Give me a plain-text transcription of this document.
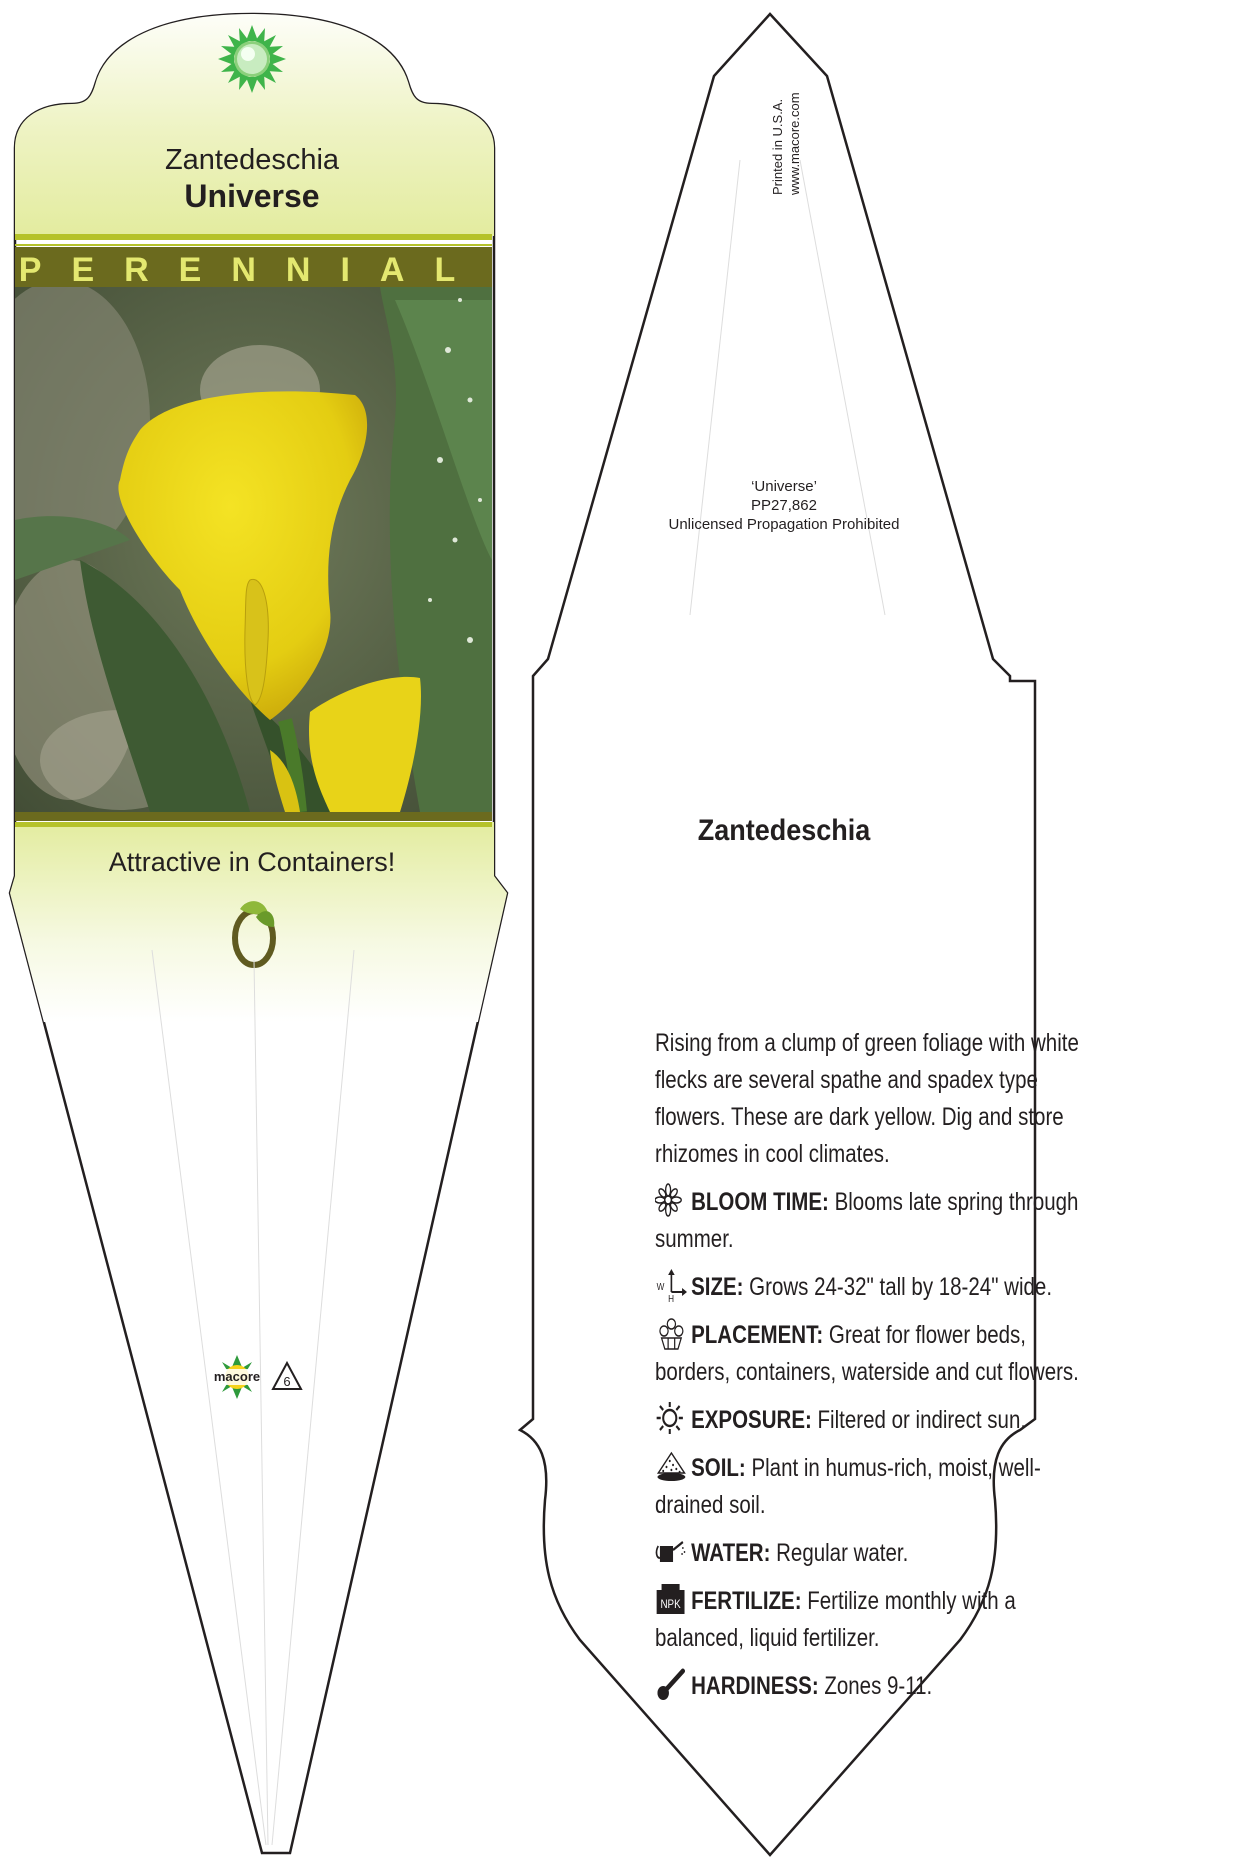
macore 6
Zantedeschia
Universe
PERENNIAL
Attractive in Containers!
Printed in U.S.A. www.macore.com
‘Universe’
PP27,862
Unlicensed Propagation Prohibited
Zantedeschia

Rising from a clump of green foliage with white flecks are several spathe and spadex type flowers. These are dark yellow. Dig and store rhizomes in cool climates.

BLOOM TIME: Blooms late spring through summer.
W
H SIZE: Grows 24-32" tall by 18-24" wide.
PLACEMENT: Great for flower beds, borders, containers, waterside and cut flowers.
EXPOSURE: Filtered or indirect sun.
SOIL: Plant in humus-rich, moist, well-drained soil.
WATER: Regular water.
NPK FERTILIZE: Fertilize monthly with a balanced, liquid fertilizer.
HARDINESS: Zones 9-11.
